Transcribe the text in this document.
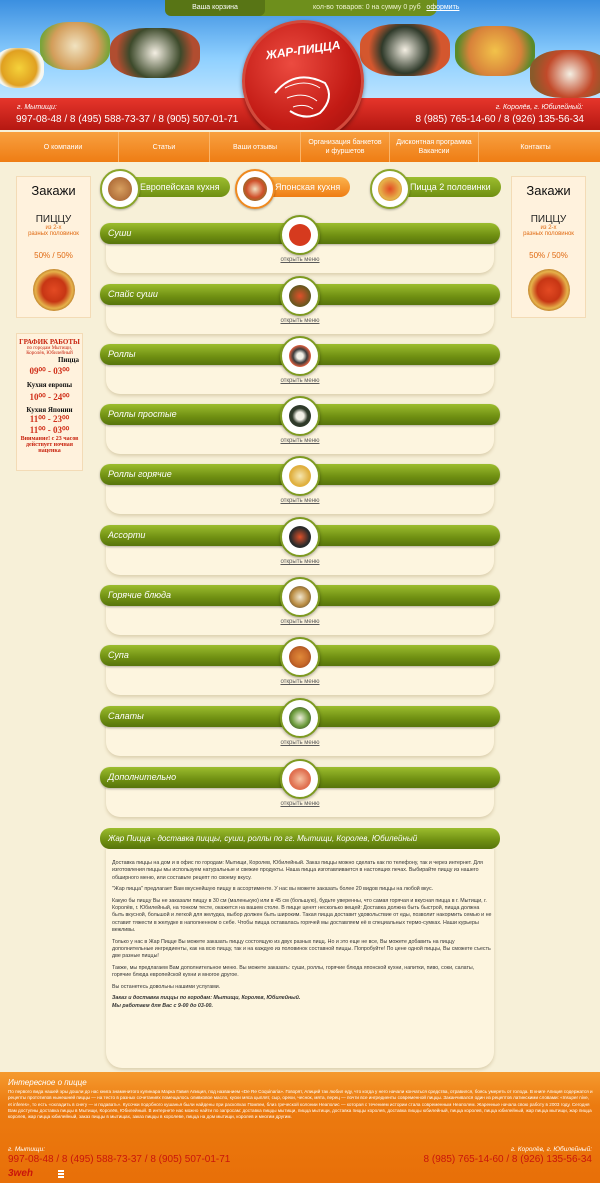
Ваша корзина	кол-во товаров: 0 на сумму 0 руб оформить
г. Мытищи:
997-08-48 / 8 (495) 588-73-37 / 8 (905) 507-01-71
г. Королёв, г. Юбилейный:
8 (985) 765-14-60 / 8 (926) 135-56-34
ЖАР-ПИЦЦА
О компании	Статьи	Ваши отзывы
Организация банкетов
и фуршетов
Дисконтная программа
Вакансии
Контакты
Закажи
ПИЦЦУ
из 2-х
разных половинок
50% / 50%
Закажи
ПИЦЦУ
из 2-х
разных половинок
50% / 50%
ГРАФИК РАБОТЫ
по городам Мытищи, Королёв, Юбилейный
Пицца
09⁰⁰ - 03⁰⁰
Кухня европы
10⁰⁰ - 24⁰⁰
Кухня Японии
11⁰⁰ - 23⁰⁰
11⁰⁰ - 03⁰⁰
Внимание! с 23 часов действует ночная наценка
Европейская кухня	Японская кухня	Пицца 2 половинки
Суши
открыть меню
Спайс суши
открыть меню
Роллы
открыть меню
Роллы простые
открыть меню
Роллы горячие
открыть меню
Ассорти
открыть меню
Горячие блюда
открыть меню
Супа
открыть меню
Салаты
открыть меню
Дополнительно
открыть меню

Доставка пиццы на дом и в офис по городам: Мытищи, Королев, Юбилейный. Заказ пиццы можно сделать как по телефону, так и через интернет. Для изготовления пиццы мы используем натуральные и свежие продукты. Наша пицца изготавливается в настоящих печах. Выбирайте пиццу из нашего обширного меню, или составьте рецепт по своему вкусу.

"Жар пицца" предлагает Вам вкуснейшую пиццу в ассортименте. У нас вы можете заказать более 20 видов пиццы на любой вкус.

Какую бы пиццу Вы не заказали пиццу в 30 см (маленькую) или в 45 см (большую), будьте уверенны, что самая горячая и вкусная пицца в г. Мытищи, г. Королёв, г. Юбилейный, на тонком тесте, окажется на вашем столе. В пицце ценят несколько вещей: Доставка должна быть быстрой, пицца должна быть вкусной, большой и легкой для желудка, выбор должен быть широким. Такая пицца доставит удовольствие от еды, позволит накормить семью и не оставит тяжести в желудке в наполненном о себе. Чтобы пицца оставалась горячей мы доставляем её в специальных термо-сумках. Наши курьеры вежливы.

Только у нас в Жар Пицце Вы можете заказать пиццу состоящую из двух разных пицц. Но и это еще не все, Вы можете добавить на пиццу дополнительные ингредиенты, как на всю пиццу, так и на каждую из половинок составной пиццы. Попробуйте! По цене одной пиццы, Вы сможете съесть две разные пиццы!

Также, мы предлагаем Вам дополнительное меню. Вы можете заказать: суши, роллы, горячие блюда японской кухни, напитки, пиво, соки, салаты, горячие блюда европейской кухни и многое другое.

Вы останетесь довольны нашими услугами.

Заказ и доставка пиццы по городам: Мытищи, Королев, Юбилейный.

Мы работаем для Вас с 9-00 до 03-00.

Жар Пицца - доставка пиццы, суши, роллы по гг. Мытищи, Королев, Юбилейный
Интересное о пицце
По первого вида нашей эры дошли до нас книга знаменитого кулинара Марка Гавия Апиция, под названием «De Re Coquinaria». Говорят, Апиций так любил еду, что когда у него начали кончаться средства, отравился, боясь умереть от голода. В книге Апиция содержатся и рецепты прототипов нынешней пиццы — на тесто в разных сочетаниях помещалось оливковое масло, куски мяса цыплят, сыр, орехи, чеснок, мята, перец — почти все ингредиенты современной пиццы. Заканчивался один из рецептов латинскими словами: «Insuper nive, et inferes», то есть «охладить в снегу — и подавать». Кусочки подобного кушанья были найдены при раскопках Помпеи, близ греческой колонии Неаполис — которая с течением истории стала современным Неаполем. Жаренные начала свою работу в 2003 году. Сегодня Вам доступны доставка пиццы в Мытищи, Королёв, Юбилейный. В интернете нас можно найти по запросам: доставка пиццы мытищи, пицца мытищи, доставка пиццы королев, доставка пиццы юбилейный, пицца королев, пицца юбилейный, жар пицца мытищи, жар пицца королев, жар пицца юбилейный, заказ пиццы в мытищах, заказ пиццы в королеве, пицца на дом мытищи, королев и многим другим.
г. Мытищи:
997-08-48 / 8 (495) 588-73-37 / 8 (905) 507-01-71
г. Королёв, г. Юбилейный:
8 (985) 765-14-60 / 8 (926) 135-56-34
3weh
